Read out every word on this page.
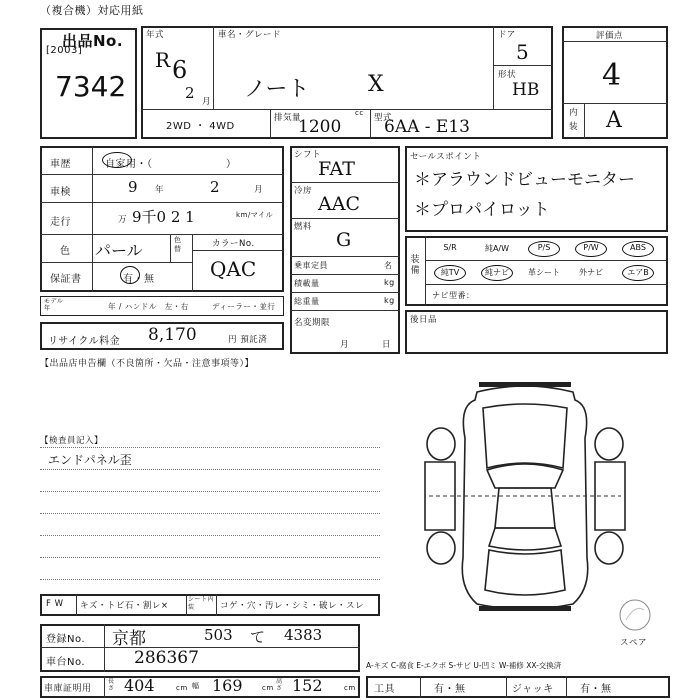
（複合機）対応用紙
出品No.
[2003]
7342
年式
R 6
2 月
車名・グレード
ノート	X
ドア
5
形状
HB
2WD ・ 4WD
排気量	cc
1200	型式
6AA - E13
評価点
4
内
装 A
車歴	自家用・（　　　　　　　）
車検	9 年	2	月
走行	万 9千0 2 1	km/マイル
色 パール
色替	カラーNo.
QAC
保証書	有・無
モデル年	年 / ハンドル　左・右	ディーラー・並行
リサイクル料金 8,170	円 預託済
【出品店申告欄（不良箇所・欠品・注意事項等）】
シフト
FAT
冷房
AAC
燃料
G
乗車定員	名
積載量	kg
総重量	kg
名変期限
月	日
セールスポイント
＊アラウンドビューモニター
＊プロパイロット
装備
S/R	純A/W	P/S	P/W	ABS
純TV	純ナビ	革シート	外ナビ	エアB
ナビ型番：
後日品
【検査員記入】
エンドパネル歪
スペア
F W キズ・トビ石・割レ×
シート内装	コゲ・穴・汚レ・シミ・破レ・スレ
登録No. 京都	503 て 4383
車台No.	286367
車庫証明用
長さ 404	cm 幅 169	cm
高さ 152	cm
A-キズ C-腐食 E-エクボ S-サビ U-凹ミ W-補修 XX-交換済
工具	有・無	ジャッキ	有・無
